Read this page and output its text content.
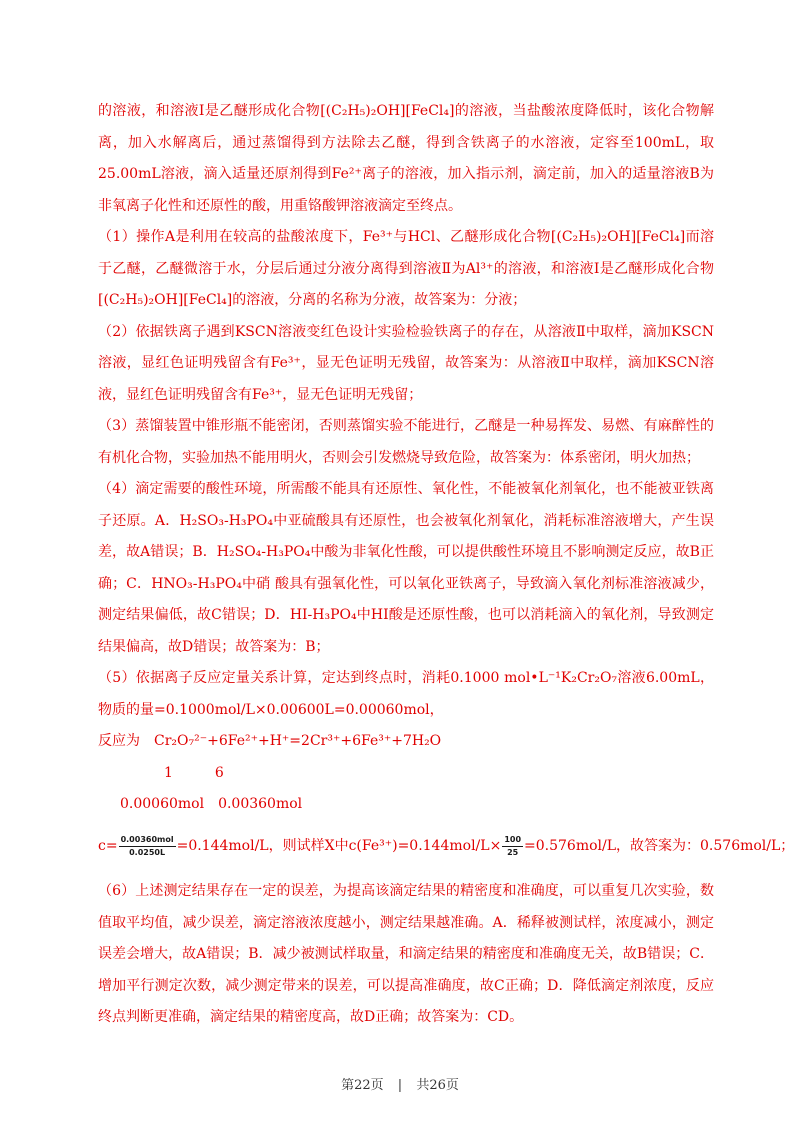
的溶液，和溶液Ⅰ是乙醚形成化合物[(C₂H₅)₂OH][FeCl₄]的溶液，当盐酸浓度降低时，该化合物解离，加入水解离后，通过蒸馏得到方法除去乙醚，得到含铁离子的水溶液，定容至100mL，取25.00mL溶液，滴入适量还原剂得到Fe²⁺离子的溶液，加入指示剂，滴定前，加入的适量溶液B为非氧离子化性和还原性的酸，用重铬酸钾溶液滴定至终点。

（1）操作A是利用在较高的盐酸浓度下，Fe³⁺与HCl、乙醚形成化合物[(C₂H₅)₂OH][FeCl₄]而溶于乙醚，乙醚微溶于水，分层后通过分液分离得到溶液Ⅱ为Al³⁺的溶液，和溶液Ⅰ是乙醚形成化合物[(C₂H₅)₂OH][FeCl₄]的溶液，分离的名称为分液，故答案为：分液；

（2）依据铁离子遇到KSCN溶液变红色设计实验检验铁离子的存在，从溶液Ⅱ中取样，滴加KSCN溶液，显红色证明残留含有Fe³⁺，显无色证明无残留，故答案为：从溶液Ⅱ中取样，滴加KSCN溶液，显红色证明残留含有Fe³⁺，显无色证明无残留；

（3）蒸馏装置中锥形瓶不能密闭，否则蒸馏实验不能进行，乙醚是一种易挥发、易燃、有麻醉性的有机化合物，实验加热不能用明火，否则会引发燃烧导致危险，故答案为：体系密闭，明火加热；

（4）滴定需要的酸性环境，所需酸不能具有还原性、氧化性，不能被氧化剂氧化，也不能被亚铁离子还原。A．H₂SO₃-H₃PO₄中亚硫酸具有还原性，也会被氧化剂氧化，消耗标准溶液增大，产生误差，故A错误；B．H₂SO₄-H₃PO₄中酸为非氧化性酸，可以提供酸性环境且不影响测定反应，故B正确；C．HNO₃-H₃PO₄中硝 酸具有强氧化性，可以氧化亚铁离子，导致滴入氧化剂标准溶液减少，测定结果偏低，故C错误；D．HI-H₃PO₄中HI酸是还原性酸，也可以消耗滴入的氧化剂，导致测定结果偏高，故D错误；故答案为：B；

（5）依据离子反应定量关系计算，定达到终点时，消耗0.1000 mol•L⁻¹K₂Cr₂O₇溶液6.00mL，物质的量=0.1000mol/L×0.00600L=0.00060mol，

反应为　Cr₂O₇²⁻+6Fe²⁺+H⁺=2Cr³⁺+6Fe³⁺+7H₂O

1　　　6

0.00060mol　0.00360mol

$c= \frac{\text{0.00360mol}}{0.0250L} =0.144mol/L$，则试样X中$c(Fe^{3+})=0.144mol/L\times \frac{100}{25} =0.576mol/L$，故答案为：0.576mol/L；

（6）上述测定结果存在一定的误差，为提高该滴定结果的精密度和准确度，可以重复几次实验，数值取平均值，减少误差，滴定溶液浓度越小，测定结果越准确。A．稀释被测试样，浓度减小，测定误差会增大，故A错误；B．减少被测试样取量，和滴定结果的精密度和准确度无关，故B错误；C．增加平行测定次数，减少测定带来的误差，可以提高准确度，故C正确；D．降低滴定剂浓度，反应终点判断更准确，滴定结果的精密度高，故D正确；故答案为：CD。

第22页 | 共26页
